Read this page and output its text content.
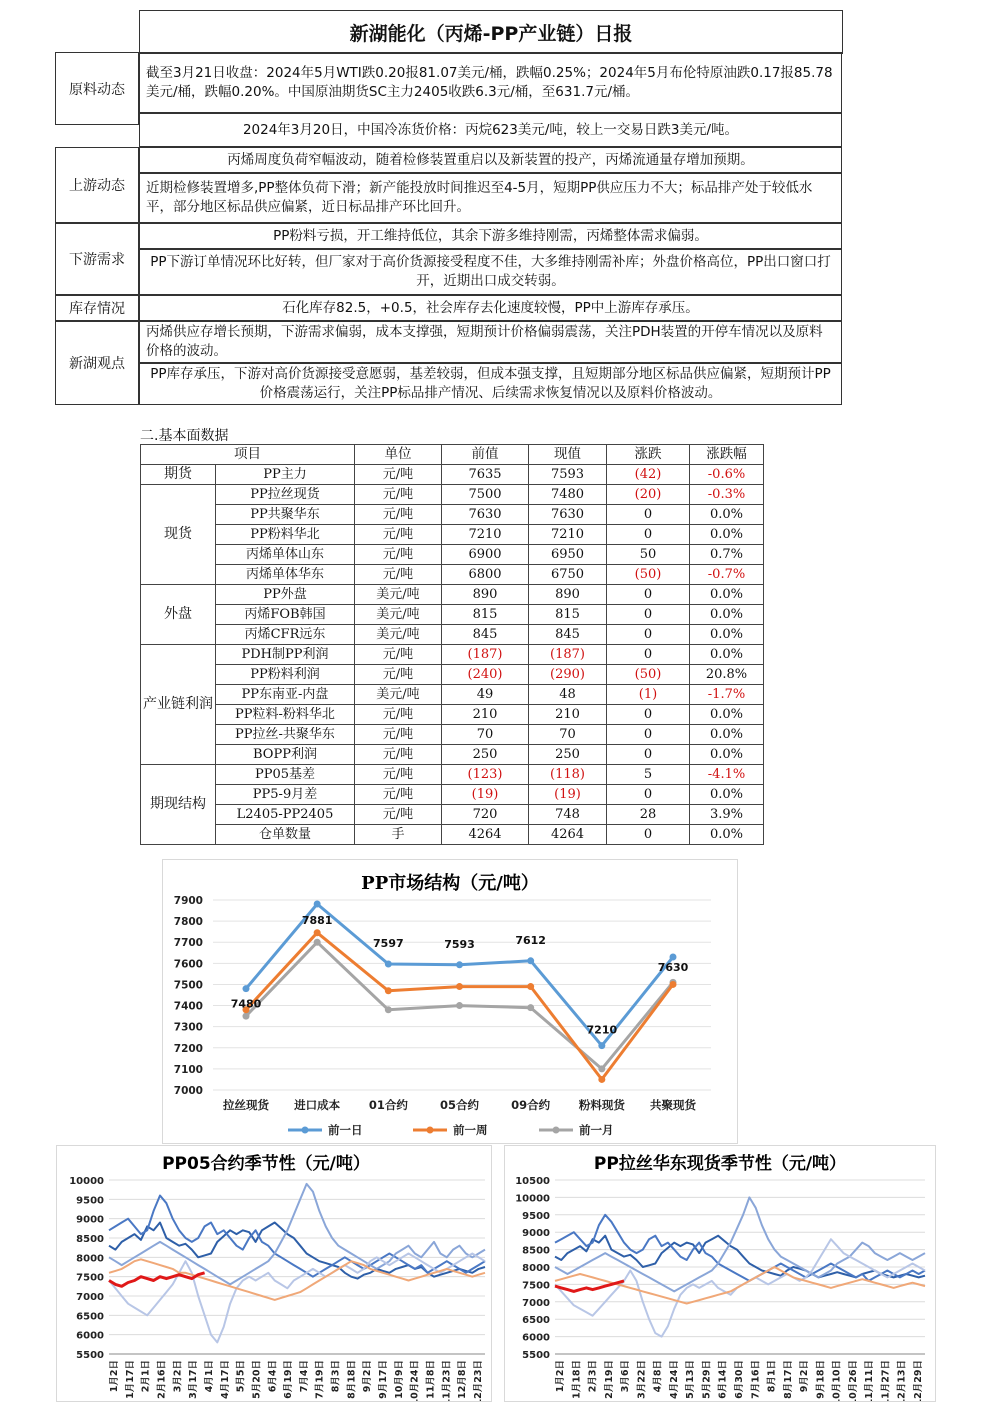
新湖能化（丙烯-PP产业链）日报
原料动态
截至3月21日收盘：2024年5月WTI跌0.20报81.07美元/桶，跌幅0.25%；2024年5月布伦特原油跌0.17报85.78美元/桶，跌幅0.20%。中国原油期货SC主力2405收跌6.3元/桶，至631.7元/桶。
2024年3月20日，中国冷冻货价格：丙烷623美元/吨，较上一交易日跌3美元/吨。
上游动态
丙烯周度负荷窄幅波动，随着检修装置重启以及新装置的投产，丙烯流通量存增加预期。
近期检修装置增多,PP整体负荷下滑；新产能投放时间推迟至4-5月，短期PP供应压力不大；标品排产处于较低水平，部分地区标品供应偏紧，近日标品排产环比回升。
下游需求
PP粉料亏损，开工维持低位，其余下游多维持刚需，丙烯整体需求偏弱。
PP下游订单情况环比好转，但厂家对于高价货源接受程度不佳，大多维持刚需补库；外盘价格高位，PP出口窗口打开，近期出口成交转弱。
库存情况	石化库存82.5，+0.5，社会库存去化速度较慢，PP中上游库存承压。
新湖观点
丙烯供应存增长预期，下游需求偏弱，成本支撑强，短期预计价格偏弱震荡，关注PDH装置的开停车情况以及原料价格的波动。
PP库存承压，下游对高价货源接受意愿弱，基差较弱，但成本强支撑，且短期部分地区标品供应偏紧，短期预计PP价格震荡运行，关注PP标品排产情况、后续需求恢复情况以及原料价格波动。
二.基本面数据
项目		单位	前值	现值	涨跌	涨跌幅
期货	PP主力	元/吨	7635	7593	(42)	-0.6%
现货	PP拉丝现货	元/吨	7500	7480	(20)	-0.3%
	PP共聚华东	元/吨	7630	7630	0	0.0%
	PP粉料华北	元/吨	7210	7210	0	0.0%
	丙烯单体山东	元/吨	6900	6950	50	0.7%
	丙烯单体华东	元/吨	6800	6750	(50)	-0.7%
外盘	PP外盘	美元/吨	890	890	0	0.0%
	丙烯FOB韩国	美元/吨	815	815	0	0.0%
	丙烯CFR远东	美元/吨	845	845	0	0.0%
产业链利润	PDH制PP利润	元/吨	(187)	(187)	0	0.0%
	PP粉料利润	元/吨	(240)	(290)	(50)	20.8%
	PP东南亚-内盘	美元/吨	49	48	(1)	-1.7%
	PP粒料-粉料华北	元/吨	210	210	0	0.0%
	PP拉丝-共聚华东	元/吨	70	70	0	0.0%
	BOPP利润	元/吨	250	250	0	0.0%
期现结构	PP05基差	元/吨	(123)	(118)	5	-4.1%
	PP5-9月差	元/吨	(19)	(19)	0	0.0%
	L2405-PP2405	元/吨	720	748	28	3.9%
	仓单数量	手	4264	4264	0	0.0%
PP市场结构（元/吨）
7000
7100
7200
7300
7400
7500
7600
7700
7800
7900
拉丝现货 进口成本 01合约	05合约	09合约 粉料现货 共聚现货
7480
7881
7597	7593	7612
7210
7630
前一日	前一周	前一月
PP05合约季节性（元/吨）
5500
6000
6500
7000
7500
8000
8500
9000
9500
10000
1月2日 1月17日 2月1日 2月16日 3月2日 3月17日 4月1日 4月17日 5月5日 5月20日 6月4日 6月19日 7月4日 7月19日 8月3日 8月18日 9月2日 9月17日 10月9日 10月24日 11月8日 11月23日 12月8日 12月23日
PP拉丝华东现货季节性（元/吨）
5500
6000
6500
7000
7500
8000
8500
9000
9500
10000
10500
1月2日 1月18日 2月3日 2月19日 3月6日 3月22日 4月8日 4月24日 5月13日 5月29日 6月14日 6月30日 7月16日 8月1日 8月17日 9月2日 9月18日 10月10日 10月26日 11月11日 11月27日 12月13日 12月29日
